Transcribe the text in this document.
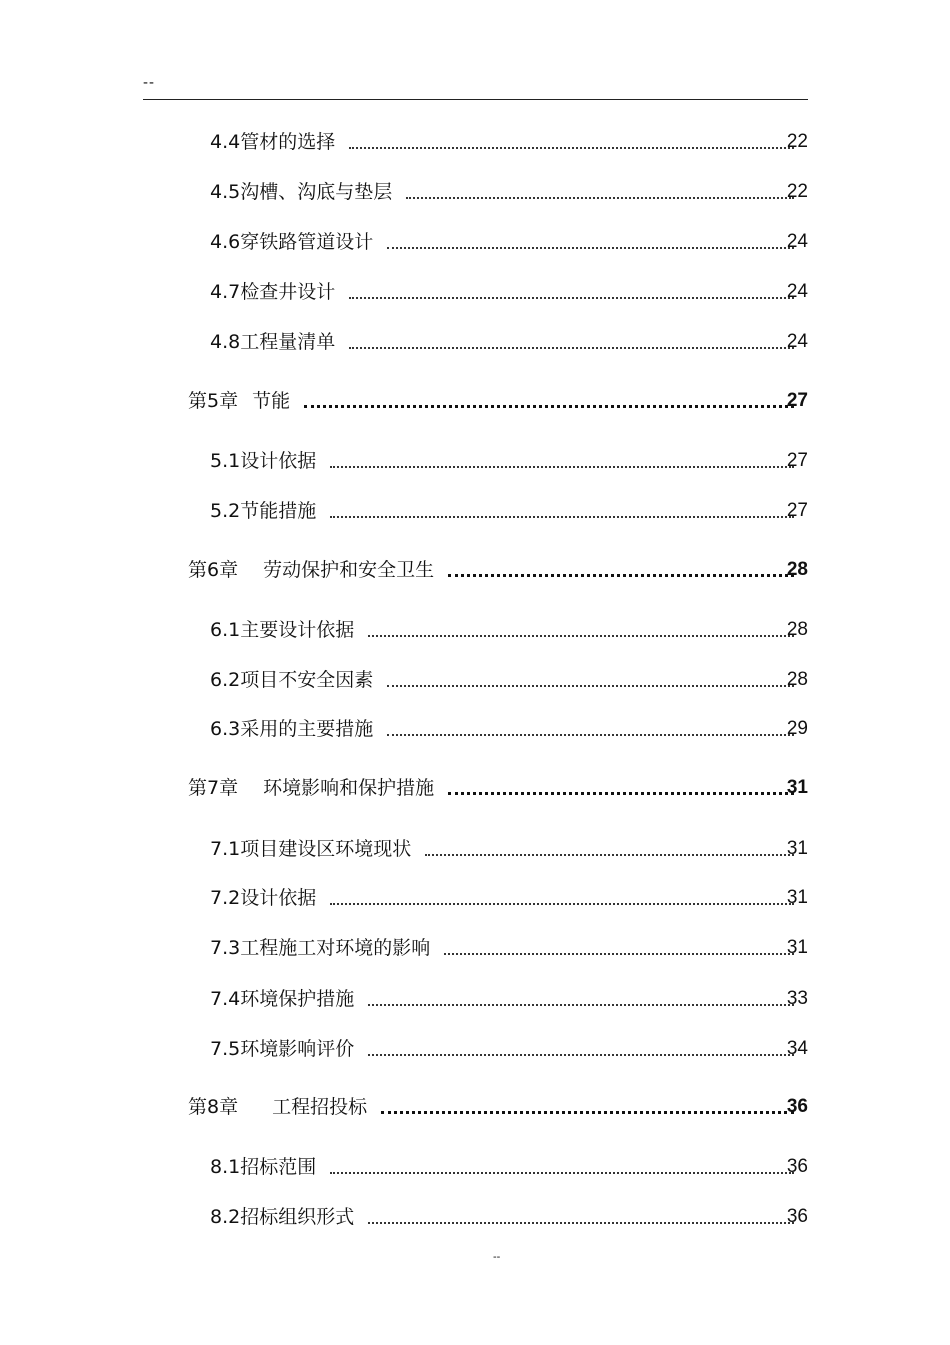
--
4.4管材的选择	22
4.5沟槽、沟底与垫层	22
4.6穿铁路管道设计	24
4.7检查井设计	24
4.8工程量清单	24
第5章 节能	27
5.1设计依据	27
5.2节能措施	27
第6章 劳动保护和安全卫生	28
6.1主要设计依据	28
6.2项目不安全因素	28
6.3采用的主要措施	29
第7章 环境影响和保护措施	31
7.1项目建设区环境现状	31
7.2设计依据	31
7.3工程施工对环境的影响	31
7.4环境保护措施	33
7.5环境影响评价	34
第8章 工程招投标	36
8.1招标范围	36
8.2招标组织形式	36
--
